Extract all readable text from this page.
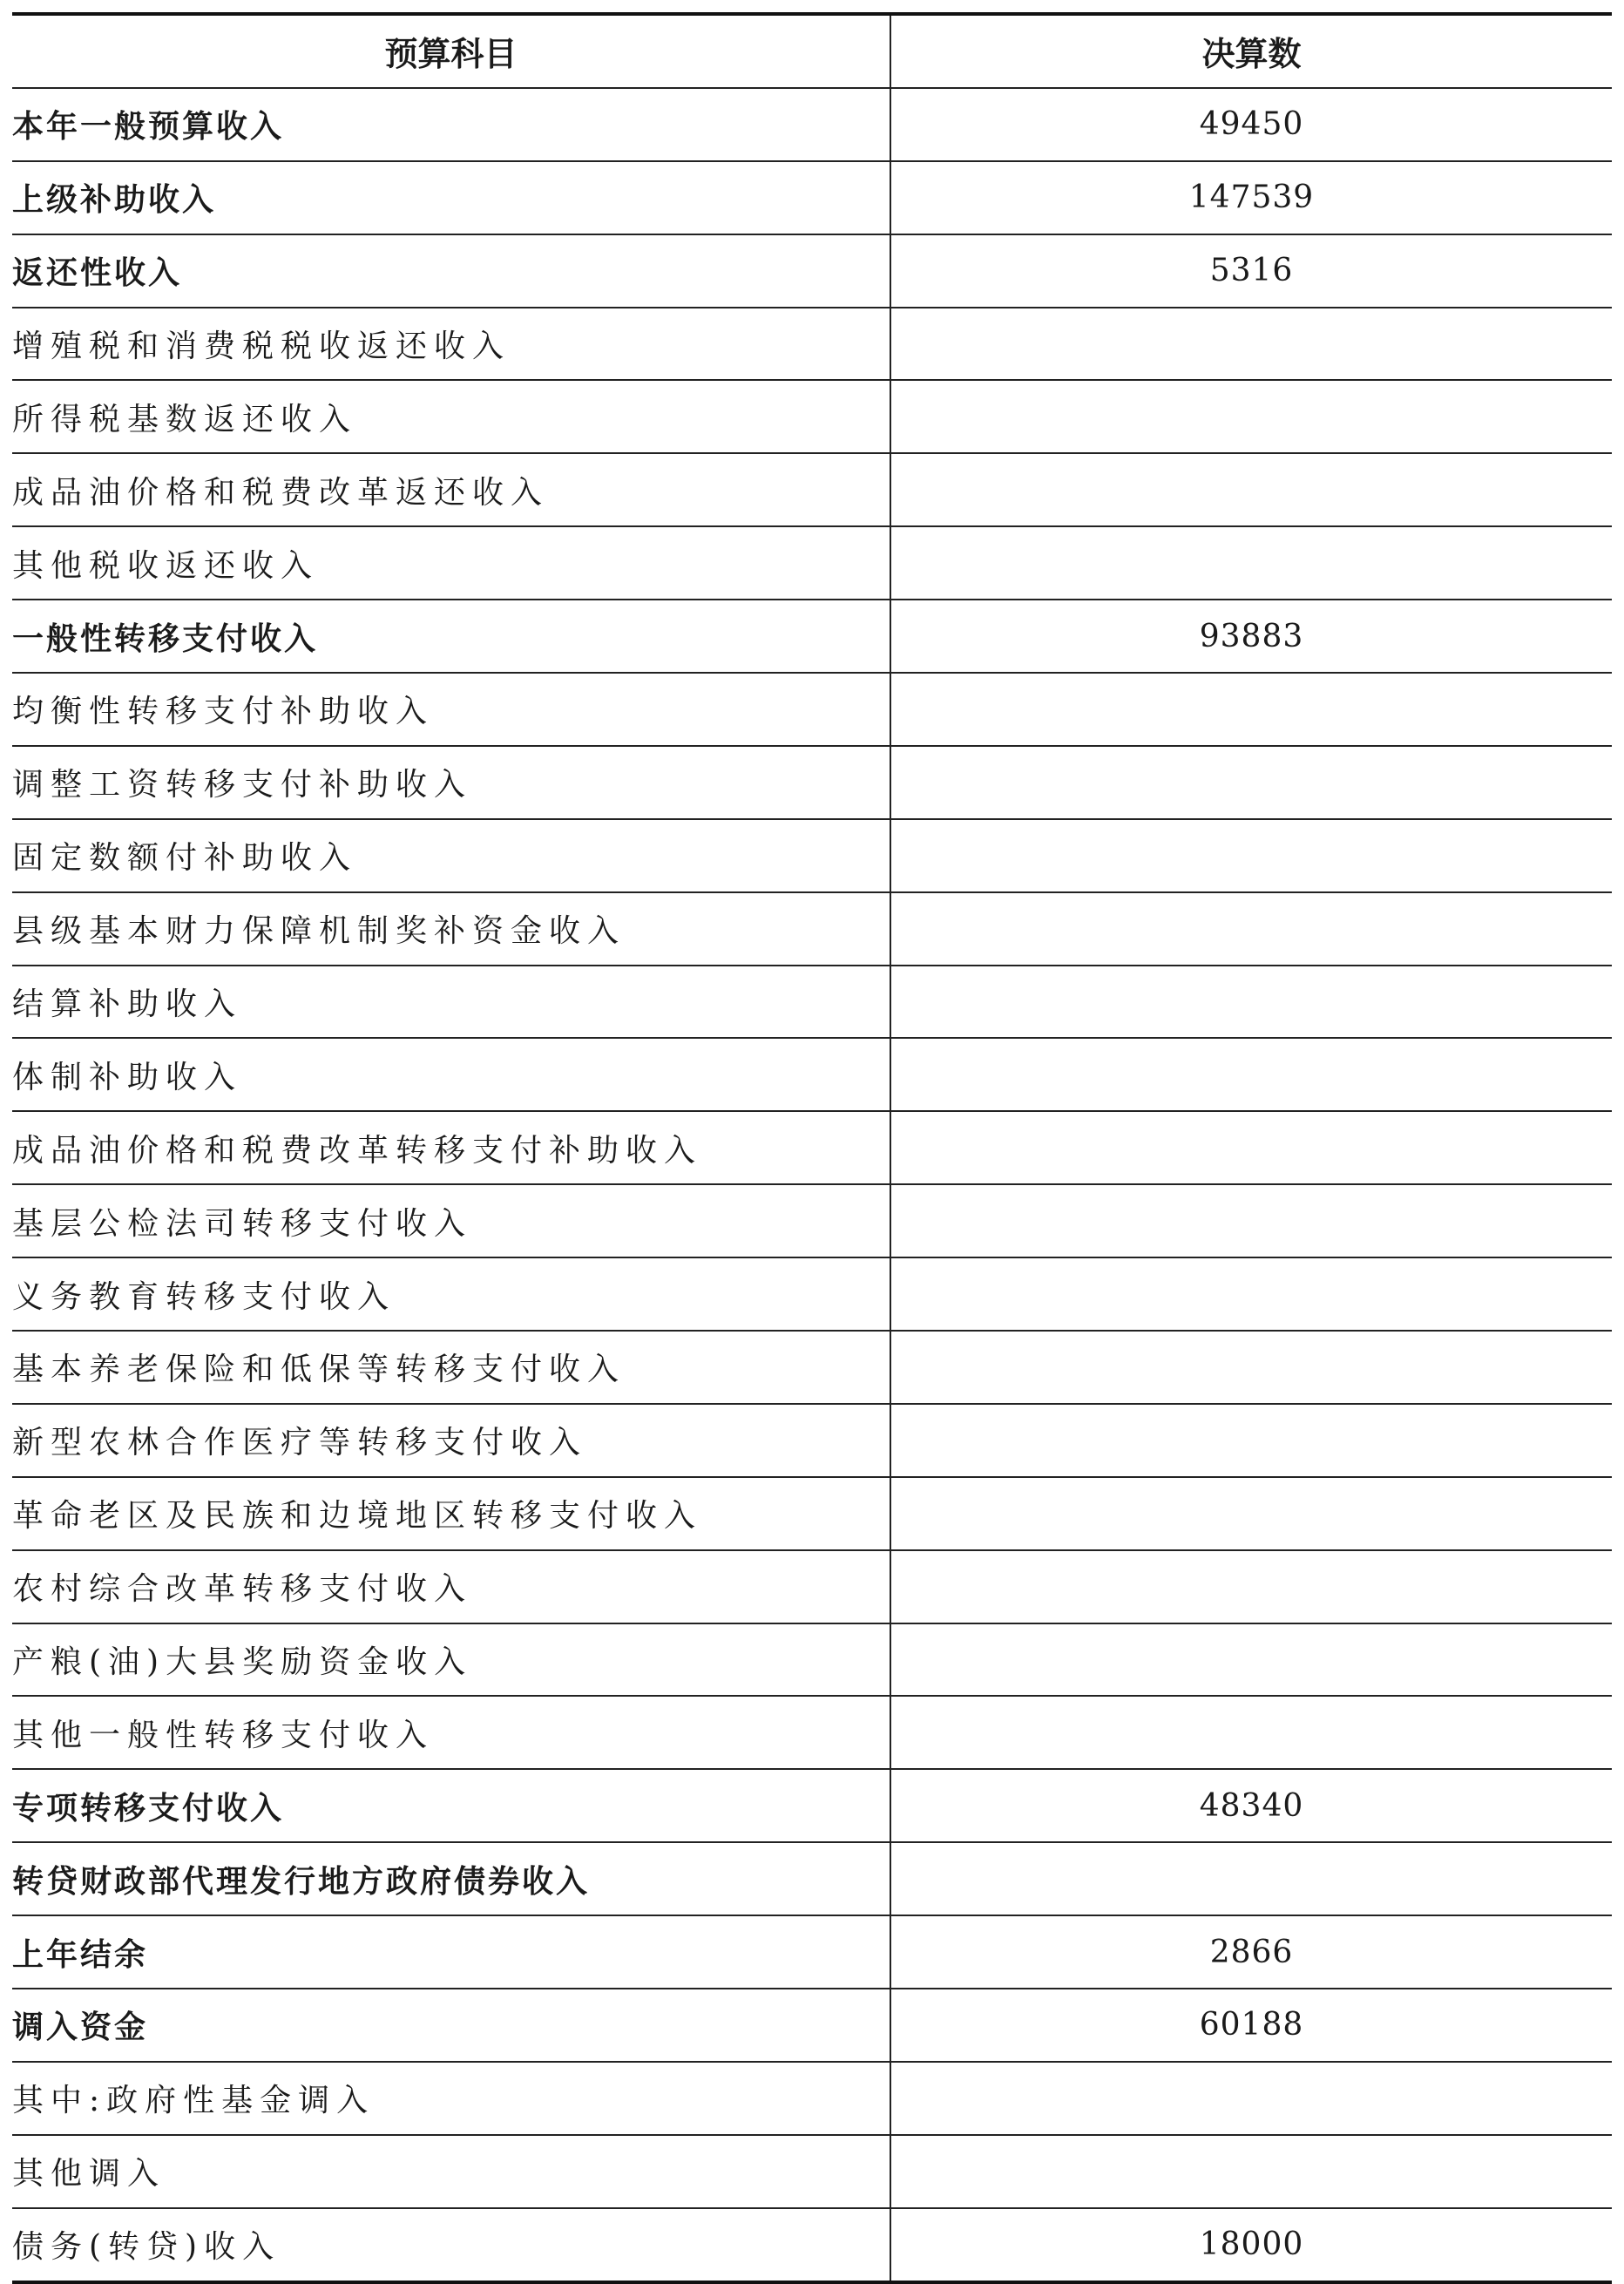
预算科目	决算数
本年一般预算收入	49450
上级补助收入	147539
返还性收入	5316
增殖税和消费税税收返还收入	
所得税基数返还收入	
成品油价格和税费改革返还收入	
其他税收返还收入	
一般性转移支付收入	93883
均衡性转移支付补助收入	
调整工资转移支付补助收入	
固定数额付补助收入	
县级基本财力保障机制奖补资金收入	
结算补助收入	
体制补助收入	
成品油价格和税费改革转移支付补助收入	
基层公检法司转移支付收入	
义务教育转移支付收入	
基本养老保险和低保等转移支付收入	
新型农林合作医疗等转移支付收入	
革命老区及民族和边境地区转移支付收入	
农村综合改革转移支付收入	
产粮(油)大县奖励资金收入	
其他一般性转移支付收入	
专项转移支付收入	48340
转贷财政部代理发行地方政府债券收入	
上年结余	2866
调入资金	60188
其中:政府性基金调入	
其他调入	
债务(转贷)收入	18000
